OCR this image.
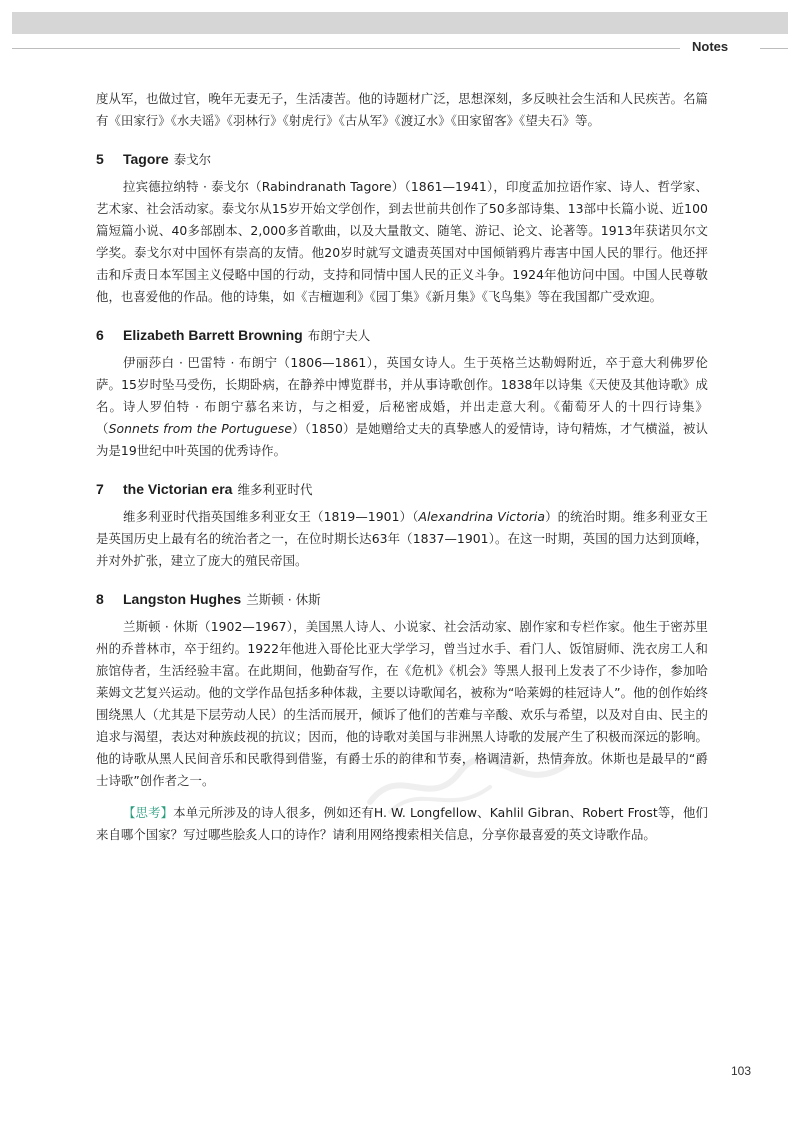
Notes

度从军，也做过官，晚年无妻无子，生活凄苦。他的诗题材广泛，思想深刻，多反映社会生活和人民疾苦。名篇有《田家行》《水夫谣》《羽林行》《射虎行》《古从军》《渡辽水》《田家留客》《望夫石》等。

5	Tagore 泰戈尔

拉宾德拉纳特 · 泰戈尔（Rabindranath Tagore）（1861—1941），印度孟加拉语作家、诗人、哲学家、艺术家、社会活动家。泰戈尔从15岁开始文学创作，到去世前共创作了50多部诗集、13部中长篇小说、近100篇短篇小说、40多部剧本、2,000多首歌曲，以及大量散文、随笔、游记、论文、论著等。1913年获诺贝尔文学奖。泰戈尔对中国怀有崇高的友情。他20岁时就写文谴责英国对中国倾销鸦片毒害中国人民的罪行。他还抨击和斥责日本军国主义侵略中国的行动，支持和同情中国人民的正义斗争。1924年他访问中国。中国人民尊敬他，也喜爱他的作品。他的诗集，如《吉檀迦利》《园丁集》《新月集》《飞鸟集》等在我国都广受欢迎。

6	Elizabeth Barrett Browning 布朗宁夫人

伊丽莎白 · 巴雷特 · 布朗宁（1806—1861），英国女诗人。生于英格兰达勒姆附近，卒于意大利佛罗伦萨。15岁时坠马受伤，长期卧病，在静养中博览群书，并从事诗歌创作。1838年以诗集《天使及其他诗歌》成名。诗人罗伯特 · 布朗宁慕名来访，与之相爱，后秘密成婚，并出走意大利。《葡萄牙人的十四行诗集》（Sonnets from the Portuguese）（1850）是她赠给丈夫的真挚感人的爱情诗，诗句精炼，才气横溢，被认为是19世纪中叶英国的优秀诗作。

7	the Victorian era 维多利亚时代

维多利亚时代指英国维多利亚女王（1819—1901）（Alexandrina Victoria）的统治时期。维多利亚女王是英国历史上最有名的统治者之一，在位时期长达63年（1837—1901）。在这一时期，英国的国力达到顶峰，并对外扩张，建立了庞大的殖民帝国。

8	Langston Hughes 兰斯顿 · 休斯

兰斯顿 · 休斯（1902—1967），美国黑人诗人、小说家、社会活动家、剧作家和专栏作家。他生于密苏里州的乔普林市，卒于纽约。1922年他进入哥伦比亚大学学习，曾当过水手、看门人、饭馆厨师、洗衣房工人和旅馆侍者，生活经验丰富。在此期间，他勤奋写作，在《危机》《机会》等黑人报刊上发表了不少诗作，参加哈莱姆文艺复兴运动。他的文学作品包括多种体裁，主要以诗歌闻名，被称为“哈莱姆的桂冠诗人”。他的创作始终围绕黑人（尤其是下层劳动人民）的生活而展开，倾诉了他们的苦难与辛酸、欢乐与希望，以及对自由、民主的追求与渴望，表达对种族歧视的抗议；因而，他的诗歌对美国与非洲黑人诗歌的发展产生了积极而深远的影响。他的诗歌从黑人民间音乐和民歌得到借鉴，有爵士乐的韵律和节奏，格调清新，热情奔放。休斯也是最早的“爵士诗歌”创作者之一。

【思考】本单元所涉及的诗人很多，例如还有H. W. Longfellow、Kahlil Gibran、Robert Frost等，他们来自哪个国家？写过哪些脍炙人口的诗作？请利用网络搜索相关信息，分享你最喜爱的英文诗歌作品。

103
